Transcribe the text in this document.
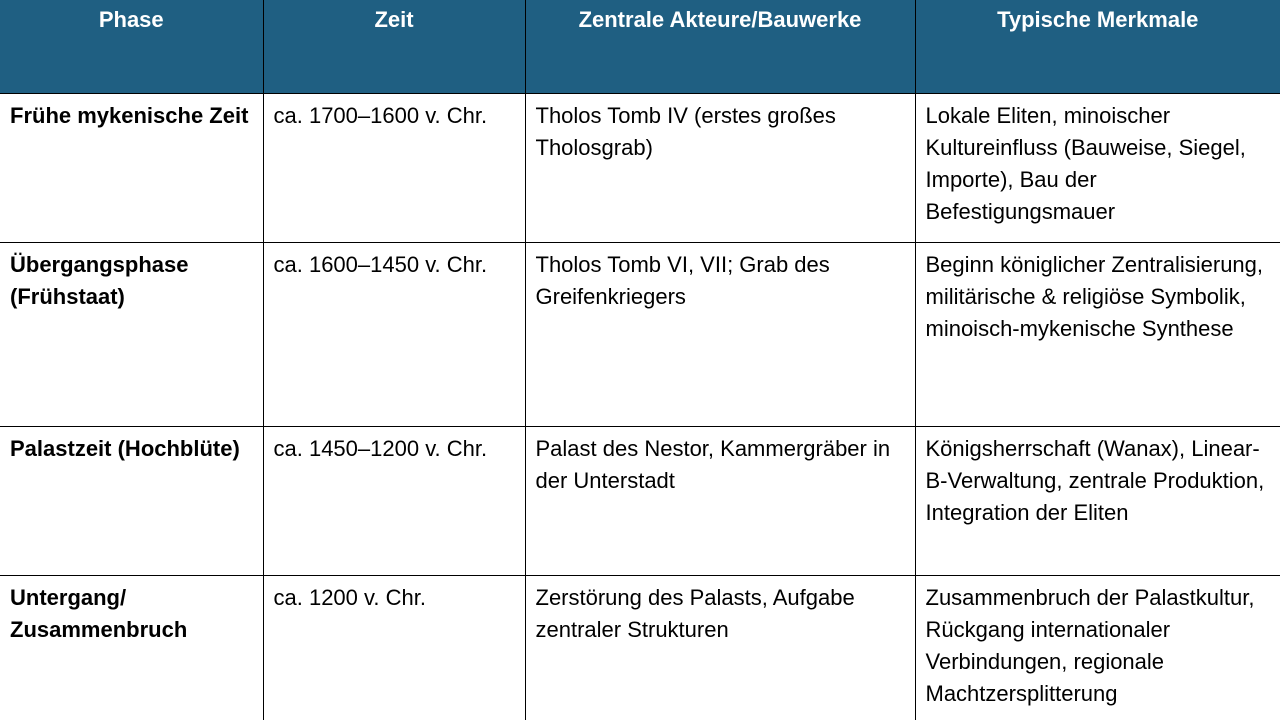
Phase	Zeit	Zentrale Akteure/Bauwerke	Typische Merkmale
Frühe mykenische Zeit	ca. 1700–1600 v. Chr.	Tholos Tomb IV (erstes großes Tholosgrab)	Lokale Eliten, minoischer Kultureinfluss (Bauweise, Siegel, Importe), Bau der Befestigungsmauer
Übergangsphase (Frühstaat)	ca. 1600–1450 v. Chr.	Tholos Tomb VI, VII; Grab des Greifenkriegers	Beginn königlicher Zentralisierung, militärische & religiöse Symbolik, minoisch-mykenische Synthese
Palastzeit (Hochblüte)	ca. 1450–1200 v. Chr.	Palast des Nestor, Kammergräber in der Unterstadt	Königsherrschaft (Wanax), Linear-B-Verwaltung, zentrale Produktion, Integration der Eliten
Untergang/ Zusammenbruch	ca. 1200 v. Chr.	Zerstörung des Palasts, Aufgabe zentraler Strukturen	Zusammenbruch der Palastkultur, Rückgang internationaler Verbindungen, regionale Machtzersplitterung
